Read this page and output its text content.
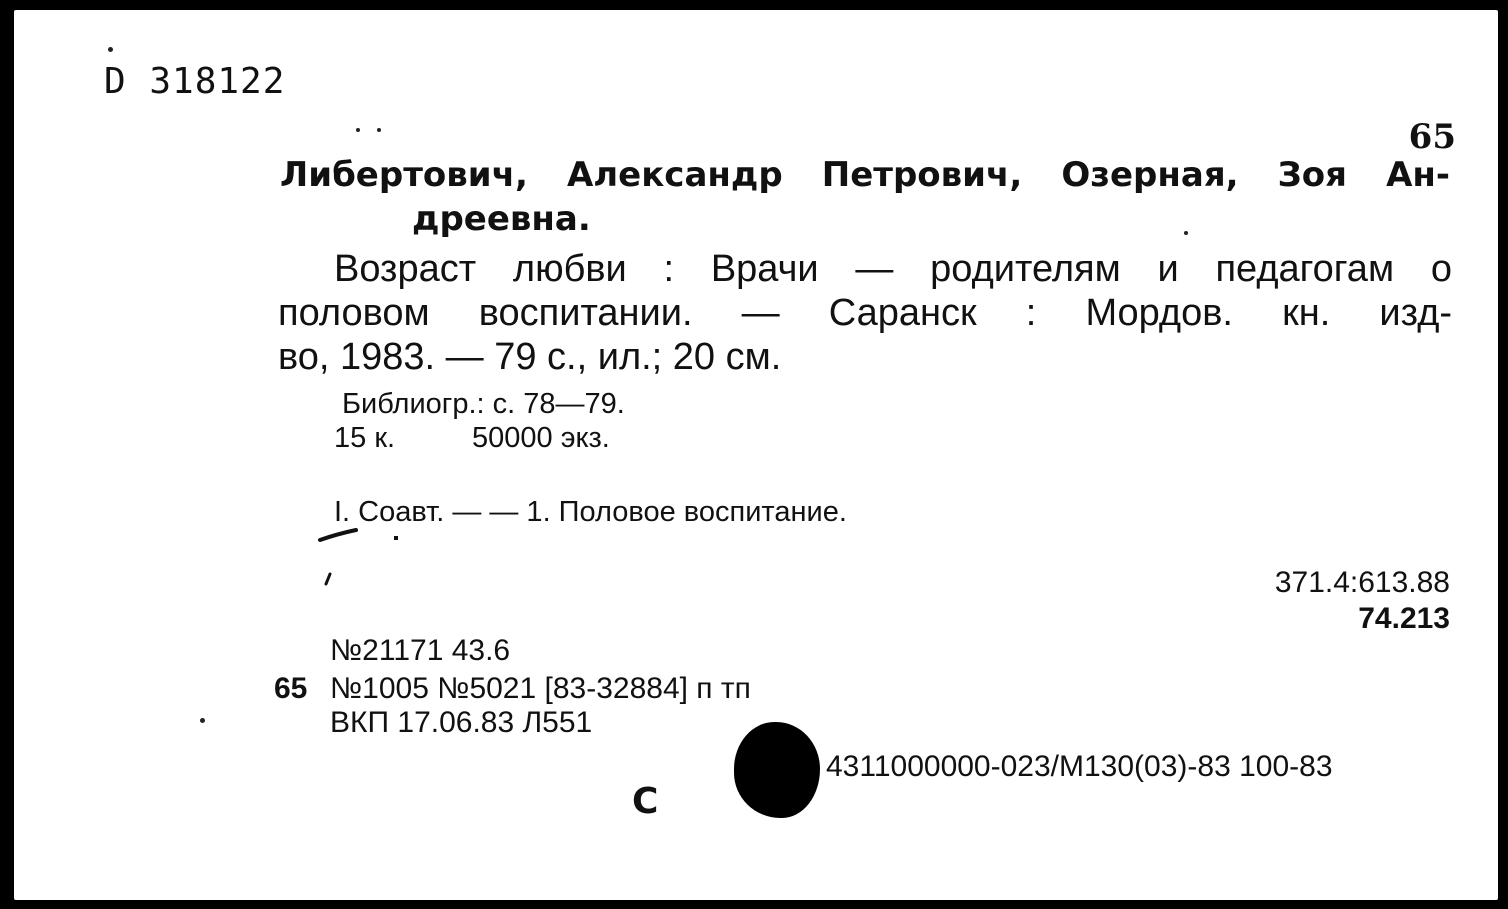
D 318122
65
Либертович, Александр Петрович, Озерная, Зоя Ан-
дреевна.
Возраст любви : Врачи — родителям и педагогам о
половом воспитании. — Саранск : Мордов. кн. изд-
во, 1983. — 79 с., ил.; 20 см.
Библиогр.: с. 78—79.
15 к.	50000 экз.
I. Соавт. — — 1. Половое воспитание.
371.4:613.88
74.213
№21171 43.6
65 №1005 №5021 [83-32884] п тп
ВКП 17.06.83 Л551
4311000000-023/M130(03)-83 100-83
C
